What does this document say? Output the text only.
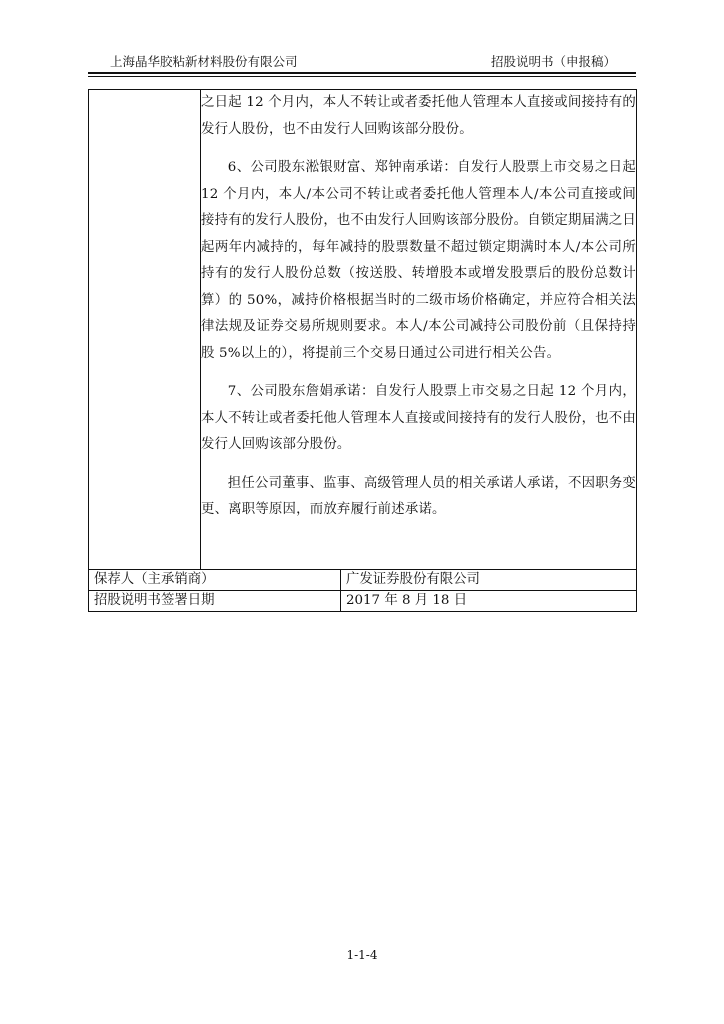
上海晶华胶粘新材料股份有限公司	招股说明书（申报稿）

	之日起 12 个月内，本人不转让或者委托他人管理本人直接或间接持有的发行人股份，也不由发行人回购该部分股份。

6、公司股东淞银财富、郑钟南承诺：自发行人股票上市交易之日起 12 个月内，本人/本公司不转让或者委托他人管理本人/本公司直接或间接持有的发行人股份，也不由发行人回购该部分股份。自锁定期届满之日起两年内减持的，每年减持的股票数量不超过锁定期满时本人/本公司所持有的发行人股份总数（按送股、转增股本或增发股票后的股份总数计算）的 50%，减持价格根据当时的二级市场价格确定，并应符合相关法律法规及证券交易所规则要求。本人/本公司减持公司股份前（且保持持股 5%以上的），将提前三个交易日通过公司进行相关公告。

7、公司股东詹娟承诺：自发行人股票上市交易之日起 12 个月内，本人不转让或者委托他人管理本人直接或间接持有的发行人股份，也不由发行人回购该部分股份。

担任公司董事、监事、高级管理人员的相关承诺人承诺，不因职务变更、离职等原因，而放弃履行前述承诺。	

保荐人（主承销商）		广发证券股份有限公司
招股说明书签署日期		2017 年 8 月 18 日
1-1-4
